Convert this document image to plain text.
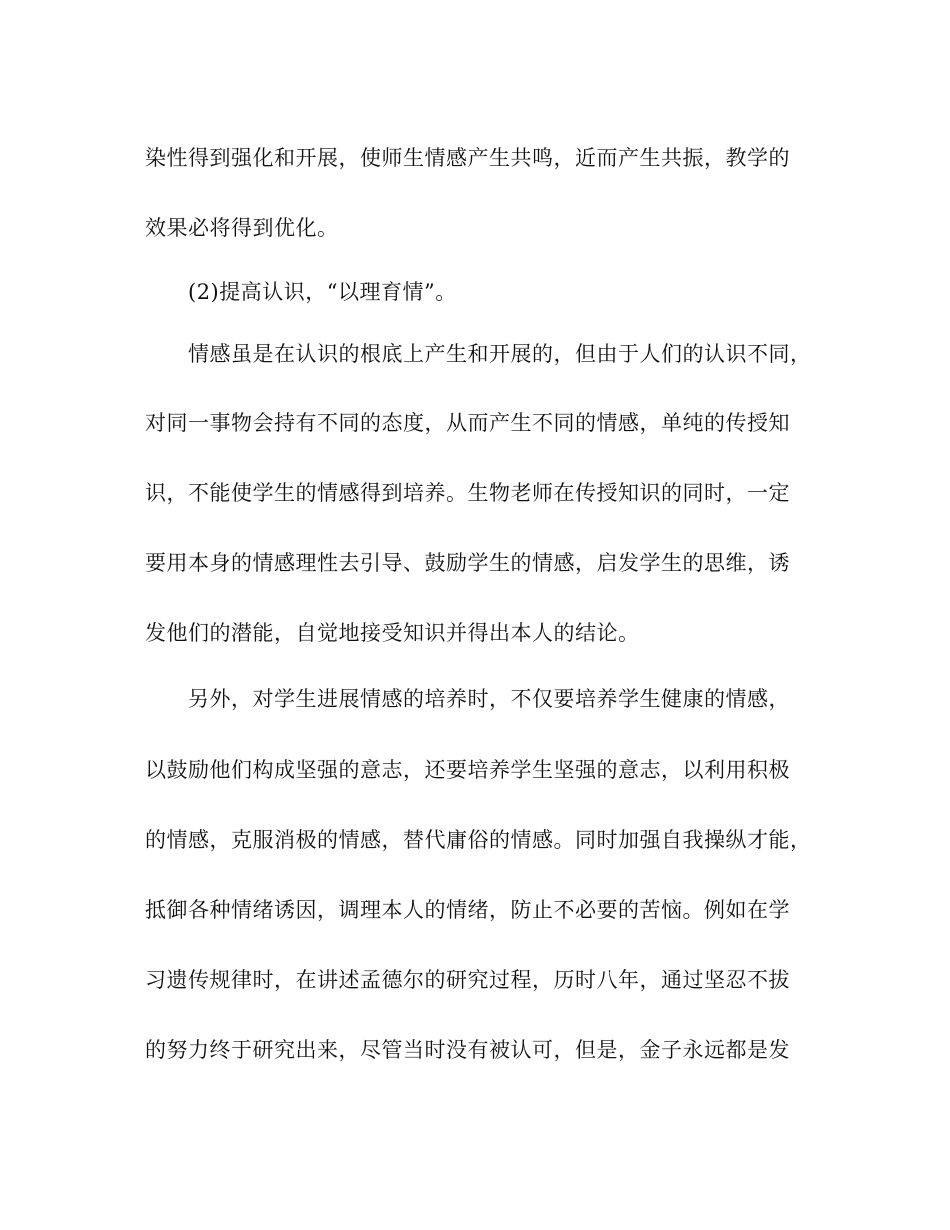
染性得到强化和开展，使师生情感产生共鸣，近而产生共振，教学的
效果必将得到优化。
(2)提高认识，“以理育情”。
情感虽是在认识的根底上产生和开展的，但由于人们的认识不同，
对同一事物会持有不同的态度，从而产生不同的情感，单纯的传授知
识，不能使学生的情感得到培养。生物老师在传授知识的同时，一定
要用本身的情感理性去引导、鼓励学生的情感，启发学生的思维，诱
发他们的潜能，自觉地接受知识并得出本人的结论。
另外，对学生进展情感的培养时，不仅要培养学生健康的情感，
以鼓励他们构成坚强的意志，还要培养学生坚强的意志，以利用积极
的情感，克服消极的情感，替代庸俗的情感。同时加强自我操纵才能，
抵御各种情绪诱因，调理本人的情绪，防止不必要的苦恼。例如在学
习遗传规律时，在讲述孟德尔的研究过程，历时八年，通过坚忍不拔
的努力终于研究出来，尽管当时没有被认可，但是，金子永远都是发
